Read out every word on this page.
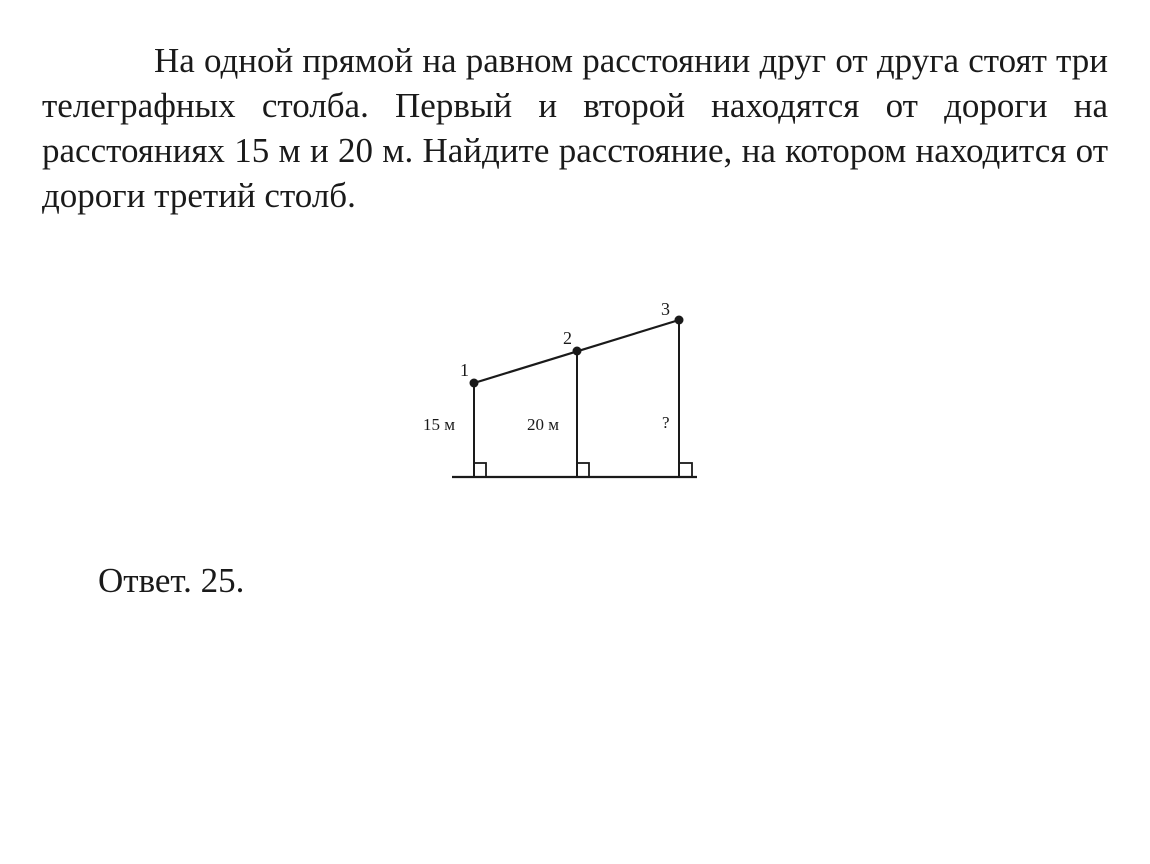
На одной прямой на равном расстоянии друг от друга стоят три телеграфных столба. Первый и второй находятся от дороги на расстояниях 15 м и 20 м. Найдите расстояние, на котором находится от дороги третий столб.

1
15 м
2
20 м
3
?

Ответ. 25.
